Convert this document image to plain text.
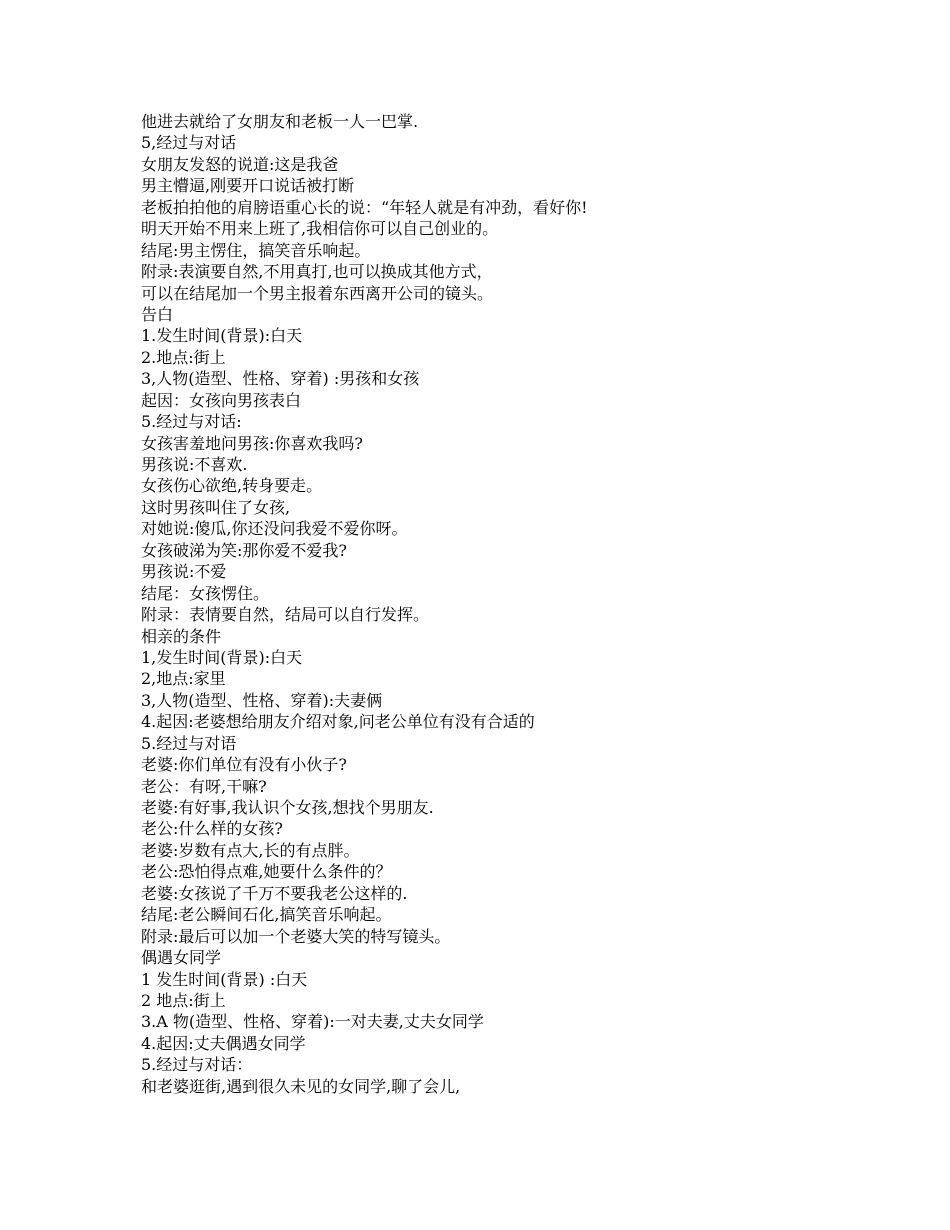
他进去就给了女朋友和老板一人一巴掌.
5,经过与对话
女朋友发怒的说道:这是我爸
男主懵逼,刚要开口说话被打断
老板拍拍他的肩膀语重心长的说：“年轻人就是有冲劲，看好你!
明天开始不用来上班了,我相信你可以自己创业的。
结尾:男主愣住，搞笑音乐响起。
附录:表演要自然,不用真打,也可以换成其他方式，
可以在结尾加一个男主报着东西离开公司的镜头。
告白
1.发生时间(背景):白天
2.地点:街上
3,人物(造型、性格、穿着) :男孩和女孩
起因：女孩向男孩表白
5.经过与对话:
女孩害羞地问男孩:你喜欢我吗?
男孩说:不喜欢.
女孩伤心欲绝,转身要走。
这时男孩叫住了女孩,
对她说:傻瓜,你还没问我爱不爱你呀。
女孩破涕为笑:那你爱不爱我?
男孩说:不爱
结尾：女孩愣住。
附录：表情要自然，结局可以自行发挥。
相亲的条件
1,发生时间(背景):白天
2,地点:家里
3,人物(造型、性格、穿着):夫妻俩
4.起因:老婆想给朋友介绍对象,问老公单位有没有合适的
5.经过与对语
老婆:你们单位有没有小伙子?
老公：有呀,干嘛?
老婆:有好事,我认识个女孩,想找个男朋友.
老公:什么样的女孩?
老婆:岁数有点大,长的有点胖。
老公:恐怕得点难,她要什么条件的？
老婆:女孩说了千万不要我老公这样的.
结尾:老公瞬间石化,搞笑音乐响起。
附录:最后可以加一个老婆大笑的特写镜头。
偶遇女同学
1 发生时间(背景) :白天
2 地点:街上
3.A 物(造型、性格、穿着):一对夫妻,丈夫女同学
4.起因:丈夫偶遇女同学
5.经过与对话：
和老婆逛街,遇到很久未见的女同学,聊了会儿,
